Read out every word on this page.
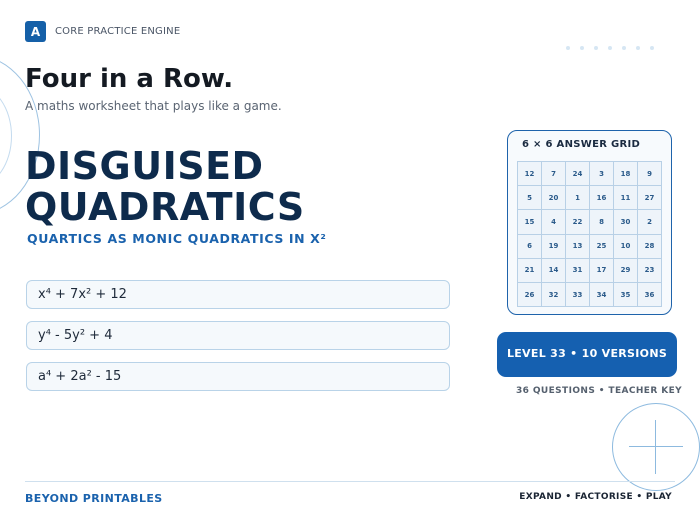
A	CORE PRACTICE ENGINE
Four in a Row.
A maths worksheet that plays like a game.
DISGUISED QUADRATICS
QUARTICS AS MONIC QUADRATICS IN X²
x⁴ + 7x² + 12
y⁴ - 5y² + 4
a⁴ + 2a² - 15
6 × 6 ANSWER GRID
12	7	24	3	18	9
5	20	1	16	11	27
15	4	22	8	30	2
6	19	13	25	10	28
21	14	31	17	29	23
26	32	33	34	35	36
LEVEL 33 • 10 VERSIONS
36 QUESTIONS • TEACHER KEY
BEYOND PRINTABLES	EXPAND • FACTORISE • PLAY
